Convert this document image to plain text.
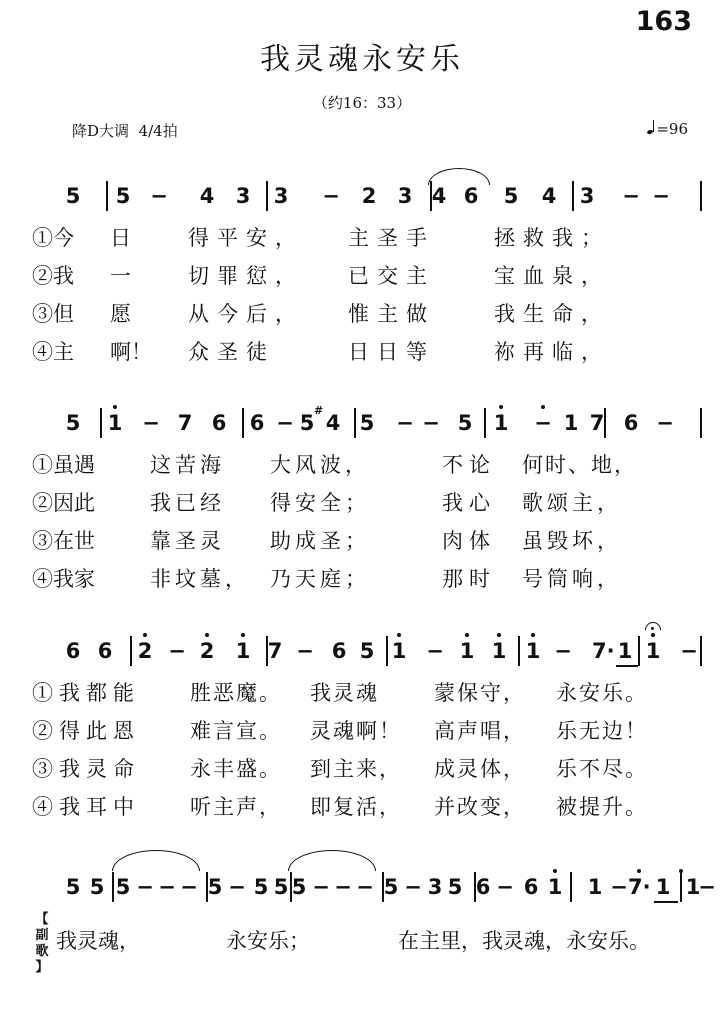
163
我灵魂永安乐
（约16：33）
降D大调  4/4拍	=96
5 5 − 4 3 3 − 2 3 4 6 5 4 3 − −
①今 日	得平安， 主圣手	拯救我；
②我 一	切罪愆， 已交主	宝血泉，
③但 愿	从今后， 惟主做	我生命，
④主 啊！ 众圣徒	日日等	祢再临，
5 1 − 7 6 6 − 5 4 5 − − 5 1 − 1 7 6 −
#
①虽遇	这苦海 大风波，	不论 何时、地，
②因此	我已经 得安全；	我心 歌颂主，
③在世	靠圣灵 助成圣；	肉体 虽毁坏，
④我家	非坟墓， 乃天庭；	那时 号筒响，
6 6 2 − 2 1 7 − 6 5 1 − 1 1 1 − 7· 1 1 −
①我都能 胜恶魔。 我灵魂	蒙保守， 永安乐。
②得此恩 难言宣。 灵魂啊！ 高声唱， 乐无边！
③我灵命 永丰盛。 到主来， 成灵体， 乐不尽。
④我耳中 听主声， 即复活， 并改变， 被提升。
5 5 5 − − − 5 − 5 5 5 − − − 5 − 3 5 6 − 6 1 1 − 7· 1 1
−
【
副
歌
】
我灵魂，	永安乐；	在主里，我灵魂，永安乐。
